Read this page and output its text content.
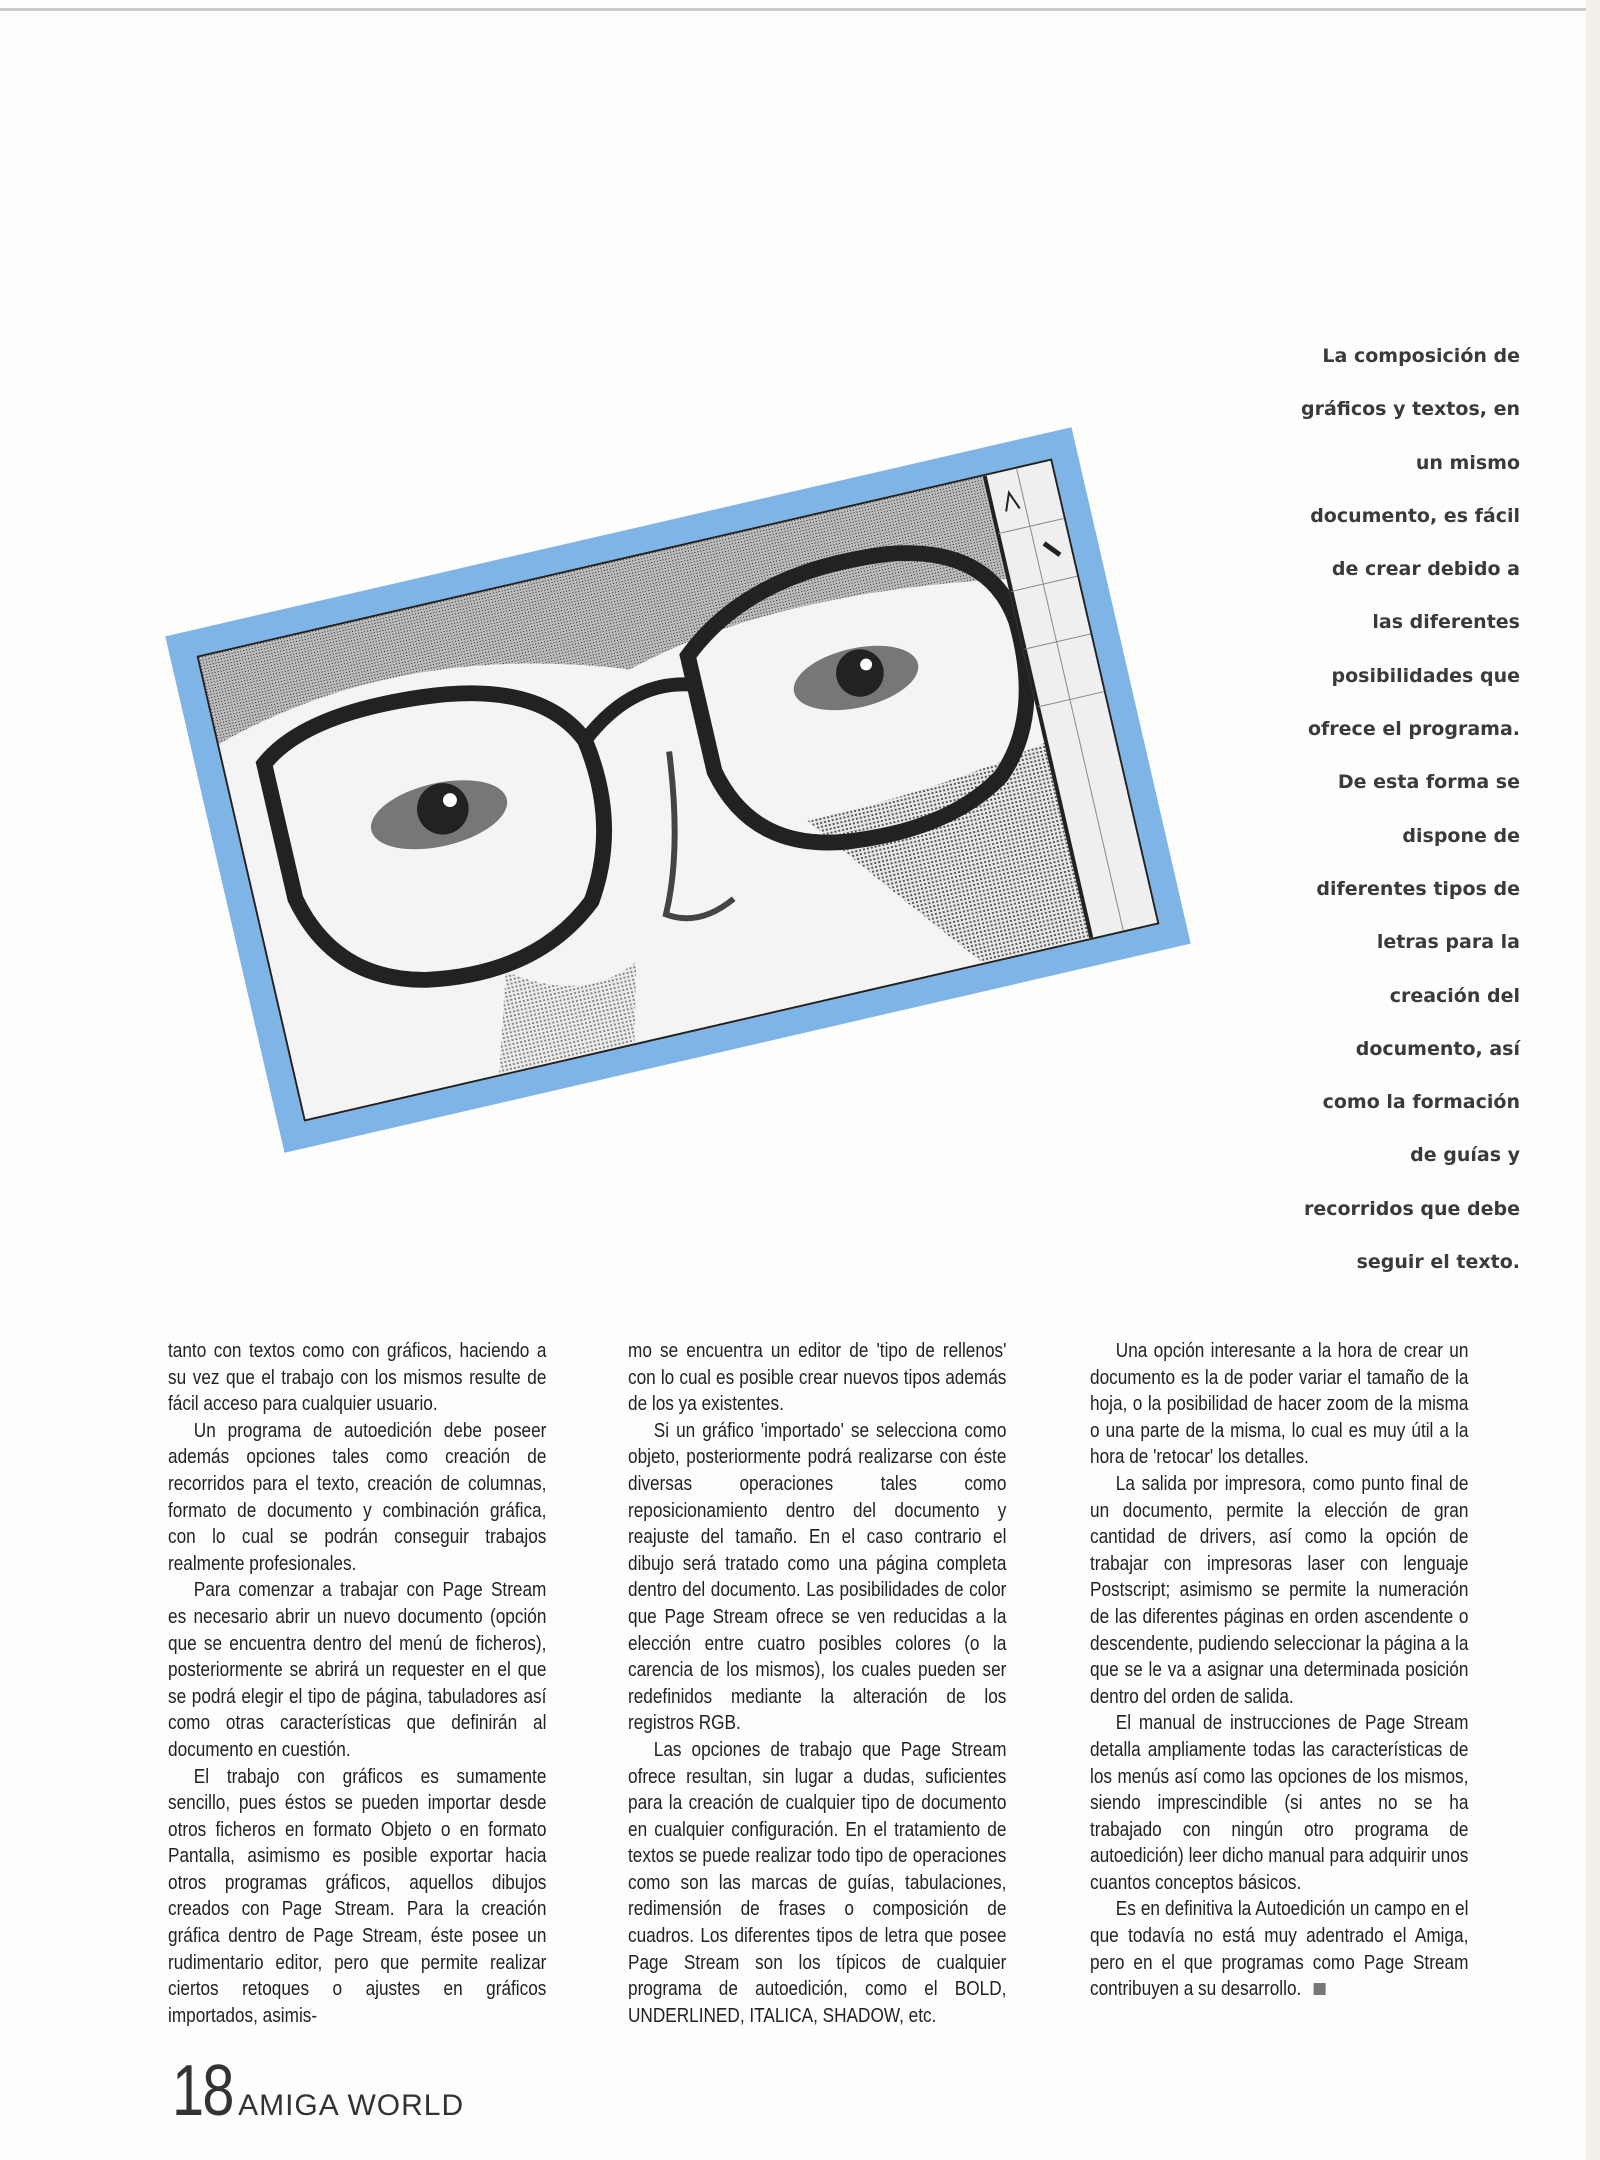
La composición de
gráficos y textos, en
un mismo
documento, es fácil
de crear debido a
las diferentes
posibilidades que
ofrece el programa.
De esta forma se
dispone de
diferentes tipos de
letras para la
creación del
documento, así
como la formación
de guías y
recorridos que debe
seguir el texto.

tanto con textos como con gráficos, haciendo a su vez que el trabajo con los mismos resulte de fácil acceso para cualquier usuario.

Un programa de autoedición debe poseer además opciones tales como creación de recorridos para el texto, creación de columnas, formato de documento y combinación gráfica, con lo cual se podrán conseguir trabajos realmente profesionales.

Para comenzar a trabajar con Page Stream es necesario abrir un nuevo documento (opción que se encuentra dentro del menú de ficheros), posteriormente se abrirá un requester en el que se podrá elegir el tipo de página, tabuladores así como otras características que definirán al documento en cuestión.

El trabajo con gráficos es sumamente sencillo, pues éstos se pueden importar desde otros ficheros en formato Objeto o en formato Pantalla, asimismo es posible exportar hacia otros programas gráficos, aquellos dibujos creados con Page Stream. Para la creación gráfica dentro de Page Stream, éste posee un rudimentario editor, pero que permite realizar ciertos retoques o ajustes en gráficos importados, asimis-

mo se encuentra un editor de 'tipo de rellenos' con lo cual es posible crear nuevos tipos además de los ya existentes.

Si un gráfico 'importado' se selecciona como objeto, posteriormente podrá realizarse con éste diversas operaciones tales como reposicionamiento dentro del documento y reajuste del tamaño. En el caso contrario el dibujo será tratado como una página completa dentro del documento. Las posibilidades de color que Page Stream ofrece se ven reducidas a la elección entre cuatro posibles colores (o la carencia de los mismos), los cuales pueden ser redefinidos mediante la alteración de los registros RGB.

Las opciones de trabajo que Page Stream ofrece resultan, sin lugar a dudas, suficientes para la creación de cualquier tipo de documento en cualquier configuración. En el tratamiento de textos se puede realizar todo tipo de operaciones como son las marcas de guías, tabulaciones, redimensión de frases o composición de cuadros. Los diferentes tipos de letra que posee Page Stream son los típicos de cualquier programa de autoedición, como el BOLD, UNDERLINED, ITALICA, SHADOW, etc.

Una opción interesante a la hora de crear un documento es la de poder variar el tamaño de la hoja, o la posibilidad de hacer zoom de la misma o una parte de la misma, lo cual es muy útil a la hora de 'retocar' los detalles.

La salida por impresora, como punto final de un documento, permite la elección de gran cantidad de drivers, así como la opción de trabajar con impresoras laser con lenguaje Postscript; asimismo se permite la numeración de las diferentes páginas en orden ascendente o descendente, pudiendo seleccionar la página a la que se le va a asignar una determinada posición dentro del orden de salida.

El manual de instrucciones de Page Stream detalla ampliamente todas las características de los menús así como las opciones de los mismos, siendo imprescindible (si antes no se ha trabajado con ningún otro programa de autoedición) leer dicho manual para adquirir unos cuantos conceptos básicos.

Es en definitiva la Autoedición un campo en el que todavía no está muy adentrado el Amiga, pero en el que programas como Page Stream contribuyen a su desarrollo.

18 AMIGA WORLD
